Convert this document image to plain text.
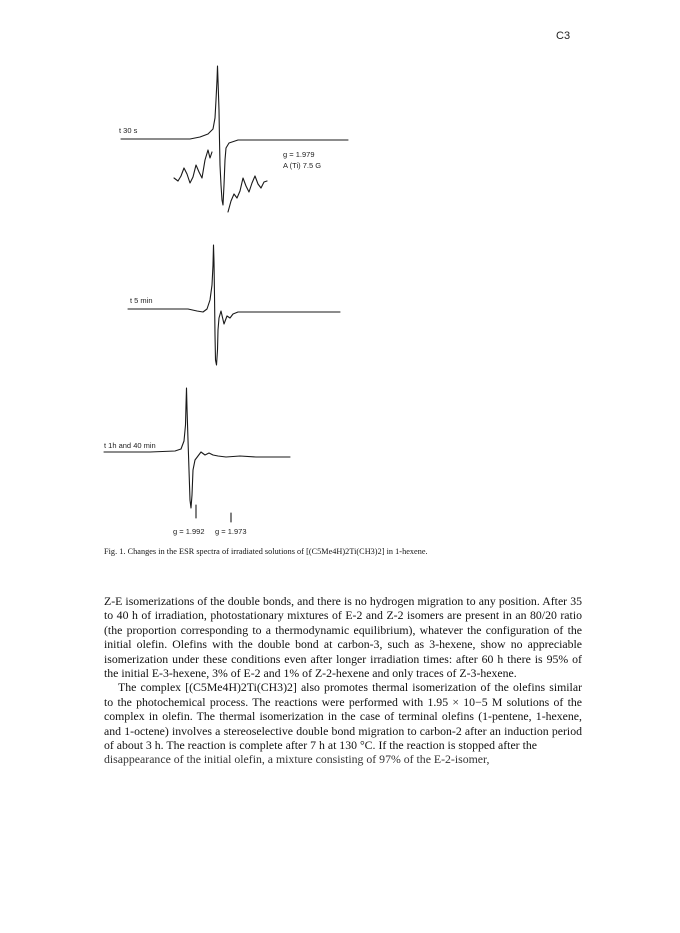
C3
t 30 s
g = 1.979
A (Ti) 7.5 G
t 5 min
t 1h and 40 min
g = 1.992 g = 1.973
Fig. 1. Changes in the ESR spectra of irradiated solutions of [(C5Me4H)2Ti(CH3)2] in 1-hexene.

Z-E isomerizations of the double bonds, and there is no hydrogen migration to any position. After 35 to 40 h of irradiation, photostationary mixtures of E-2 and Z-2 isomers are present in an 80/20 ratio (the proportion corresponding to a thermodynamic equilibrium), whatever the configuration of the initial olefin. Olefins with the double bond at carbon-3, such as 3-hexene, show no appreciable isomerization under these conditions even after longer irradiation times: after 60 h there is 95% of the initial E-3-hexene, 3% of E-2 and 1% of Z-2-hexene and only traces of Z-3-hexene.

The complex [(C5Me4H)2Ti(CH3)2] also promotes thermal isomerization of the olefins similar to the photochemical process. The reactions were performed with 1.95 × 10−5 M solutions of the complex in olefin. The thermal isomerization in the case of terminal olefins (1-pentene, 1-hexene, and 1-octene) involves a stereoselective double bond migration to carbon-2 after an induction period of about 3 h. The reaction is complete after 7 h at 130 °C. If the reaction is stopped after the

disappearance of the initial olefin, a mixture consisting of 97% of the E-2-isomer,
